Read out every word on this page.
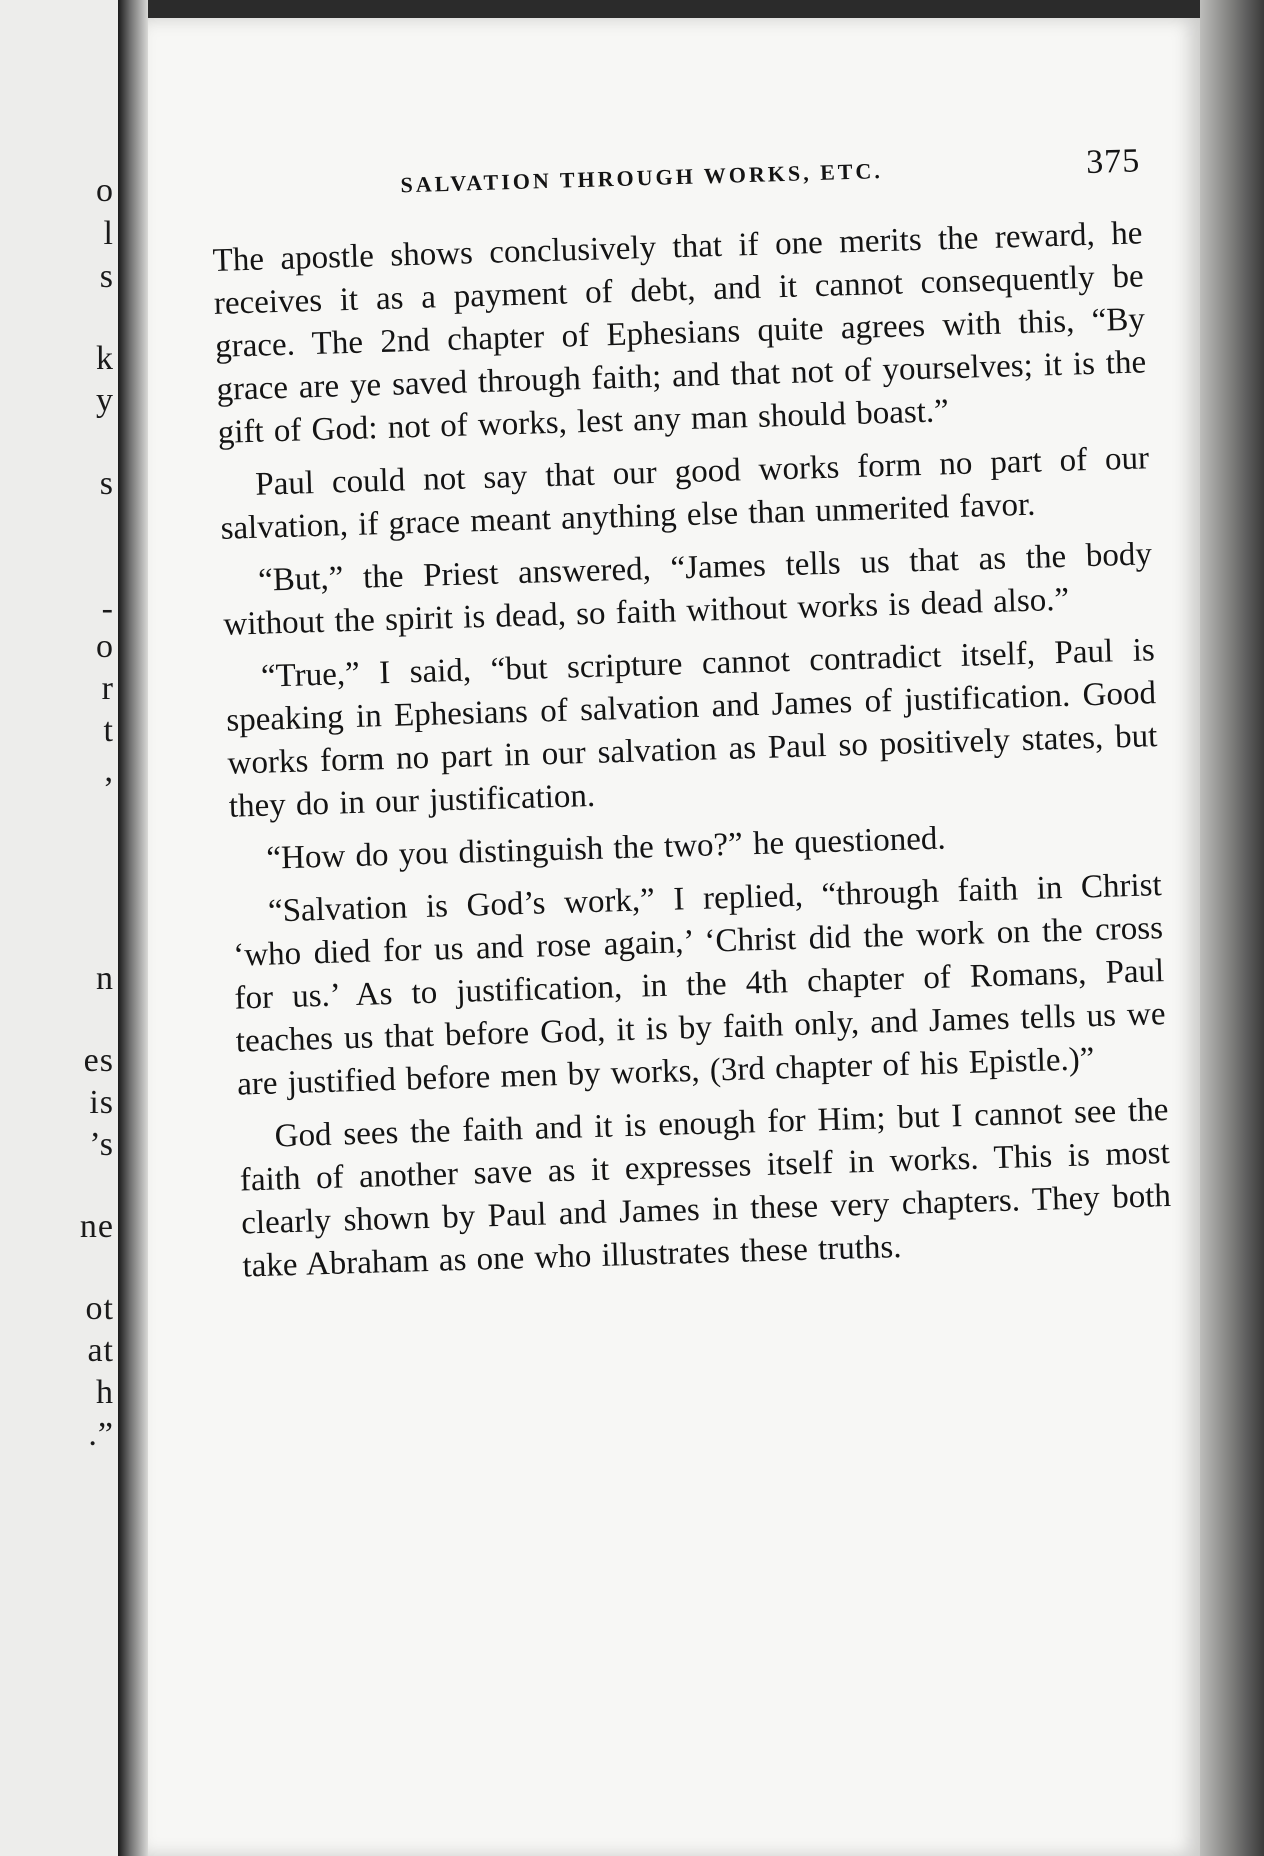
o
l
s
k
y
s
-
o
r
t
,
n
es
is
’s
ne
ot
at
h
.”
SALVATION THROUGH WORKS, ETC.	375

The apostle shows conclusively that if one merits the reward, he receives it as a payment of debt, and it cannot consequently be grace. The 2nd chapter of Ephesians quite agrees with this, “By grace are ye saved through faith; and that not of yourselves; it is the gift of God: not of works, lest any man should boast.”

Paul could not say that our good works form no part of our salvation, if grace meant anything else than unmerited favor.

“But,” the Priest answered, “James tells us that as the body without the spirit is dead, so faith without works is dead also.”

“True,” I said, “but scripture cannot contradict itself, Paul is speaking in Ephesians of salvation and James of justification. Good works form no part in our salvation as Paul so positively states, but they do in our justification.

“How do you distinguish the two?” he questioned.

“Salvation is God’s work,” I replied, “through faith in Christ ‘who died for us and rose again,’ ‘Christ did the work on the cross for us.’ As to justification, in the 4th chapter of Romans, Paul teaches us that before God, it is by faith only, and James tells us we are justified before men by works, (3rd chapter of his Epistle.)”

God sees the faith and it is enough for Him; but I cannot see the faith of another save as it expresses itself in works. This is most clearly shown by Paul and James in these very chapters. They both take Abraham as one who illustrates these truths.
